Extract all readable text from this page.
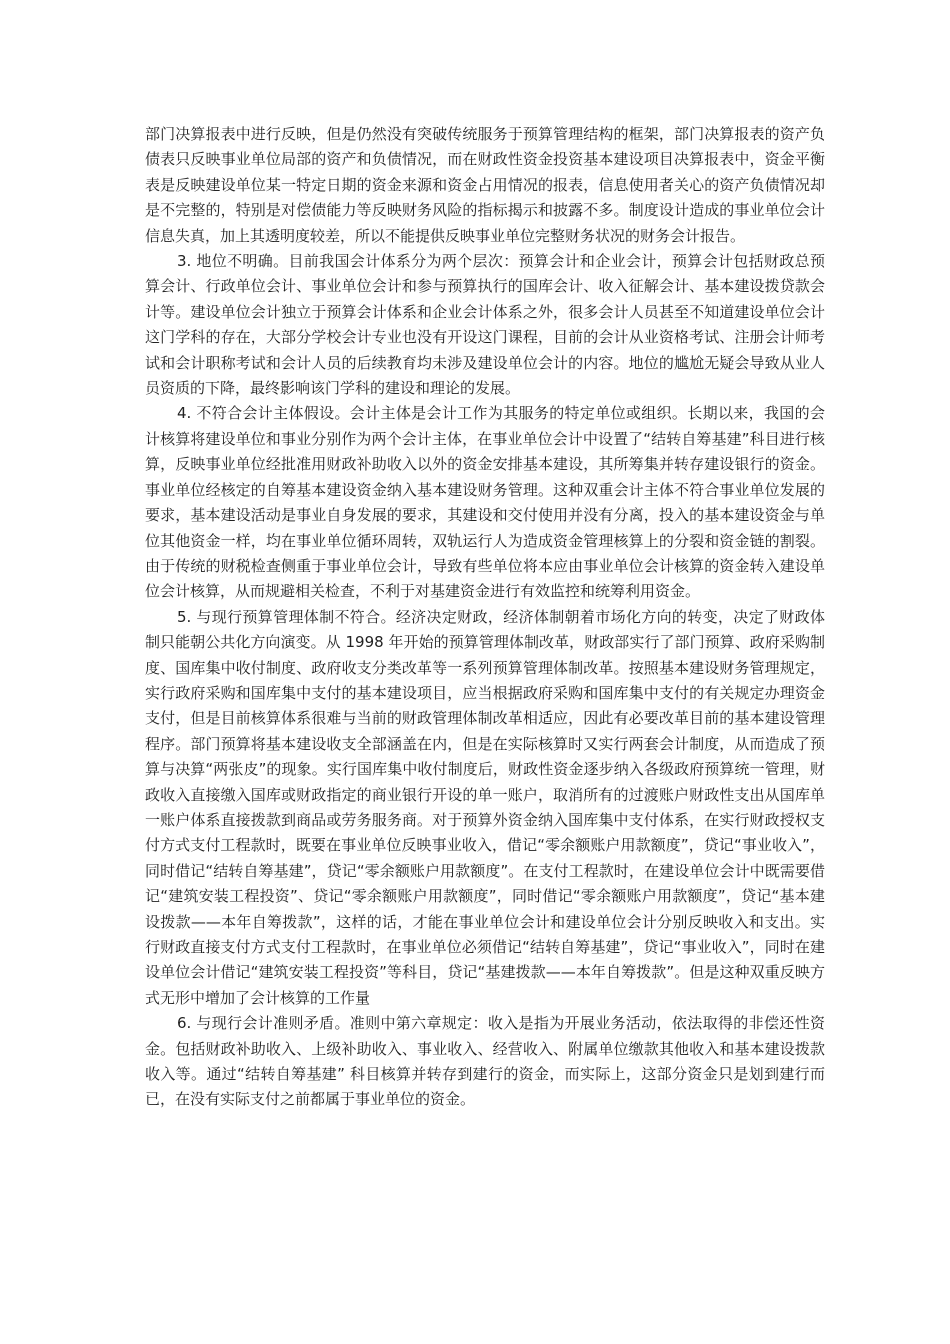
部门决算报表中进行反映，但是仍然没有突破传统服务于预算管理结构的框架，部门决算报表的资产负债表只反映事业单位局部的资产和负债情况，而在财政性资金投资基本建设项目决算报表中，资金平衡表是反映建设单位某一特定日期的资金来源和资金占用情况的报表，信息使用者关心的资产负债情况却是不完整的，特别是对偿债能力等反映财务风险的指标揭示和披露不多。制度设计造成的事业单位会计信息失真，加上其透明度较差，所以不能提供反映事业单位完整财务状况的财务会计报告。

3. 地位不明确。目前我国会计体系分为两个层次：预算会计和企业会计，预算会计包括财政总预算会计、行政单位会计、事业单位会计和参与预算执行的国库会计、收入征解会计、基本建设拨贷款会计等。建设单位会计独立于预算会计体系和企业会计体系之外，很多会计人员甚至不知道建设单位会计这门学科的存在，大部分学校会计专业也没有开设这门课程，目前的会计从业资格考试、注册会计师考试和会计职称考试和会计人员的后续教育均未涉及建设单位会计的内容。地位的尴尬无疑会导致从业人员资质的下降，最终影响该门学科的建设和理论的发展。

4. 不符合会计主体假设。会计主体是会计工作为其服务的特定单位或组织。长期以来，我国的会计核算将建设单位和事业分别作为两个会计主体，在事业单位会计中设置了“结转自筹基建”科目进行核算，反映事业单位经批准用财政补助收入以外的资金安排基本建设，其所筹集并转存建设银行的资金。事业单位经核定的自筹基本建设资金纳入基本建设财务管理。这种双重会计主体不符合事业单位发展的要求，基本建设活动是事业自身发展的要求，其建设和交付使用并没有分离，投入的基本建设资金与单位其他资金一样，均在事业单位循环周转，双轨运行人为造成资金管理核算上的分裂和资金链的割裂。由于传统的财税检查侧重于事业单位会计，导致有些单位将本应由事业单位会计核算的资金转入建设单位会计核算，从而规避相关检查，不利于对基建资金进行有效监控和统筹利用资金。

5. 与现行预算管理体制不符合。经济决定财政，经济体制朝着市场化方向的转变，决定了财政体制只能朝公共化方向演变。从 1998 年开始的预算管理体制改革，财政部实行了部门预算、政府采购制度、国库集中收付制度、政府收支分类改革等一系列预算管理体制改革。按照基本建设财务管理规定，实行政府采购和国库集中支付的基本建设项目，应当根据政府采购和国库集中支付的有关规定办理资金支付，但是目前核算体系很难与当前的财政管理体制改革相适应，因此有必要改革目前的基本建设管理程序。部门预算将基本建设收支全部涵盖在内，但是在实际核算时又实行两套会计制度，从而造成了预算与决算“两张皮”的现象。实行国库集中收付制度后，财政性资金逐步纳入各级政府预算统一管理，财政收入直接缴入国库或财政指定的商业银行开设的单一账户，取消所有的过渡账户财政性支出从国库单一账户体系直接拨款到商品或劳务服务商。对于预算外资金纳入国库集中支付体系，在实行财政授权支付方式支付工程款时，既要在事业单位反映事业收入，借记“零余额账户用款额度”，贷记“事业收入”，同时借记“结转自筹基建”，贷记“零余额账户用款额度”。在支付工程款时，在建设单位会计中既需要借记“建筑安装工程投资”、贷记“零余额账户用款额度”，同时借记“零余额账户用款额度”，贷记“基本建设拨款——本年自筹拨款”，这样的话，才能在事业单位会计和建设单位会计分别反映收入和支出。实行财政直接支付方式支付工程款时，在事业单位必须借记“结转自筹基建”，贷记“事业收入”，同时在建设单位会计借记“建筑安装工程投资”等科目，贷记“基建拨款——本年自筹拨款”。但是这种双重反映方式无形中增加了会计核算的工作量

6. 与现行会计准则矛盾。准则中第六章规定：收入是指为开展业务活动，依法取得的非偿还性资金。包括财政补助收入、上级补助收入、事业收入、经营收入、附属单位缴款其他收入和基本建设拨款收入等。通过“结转自筹基建” 科目核算并转存到建行的资金，而实际上，这部分资金只是划到建行而已，在没有实际支付之前都属于事业单位的资金。
